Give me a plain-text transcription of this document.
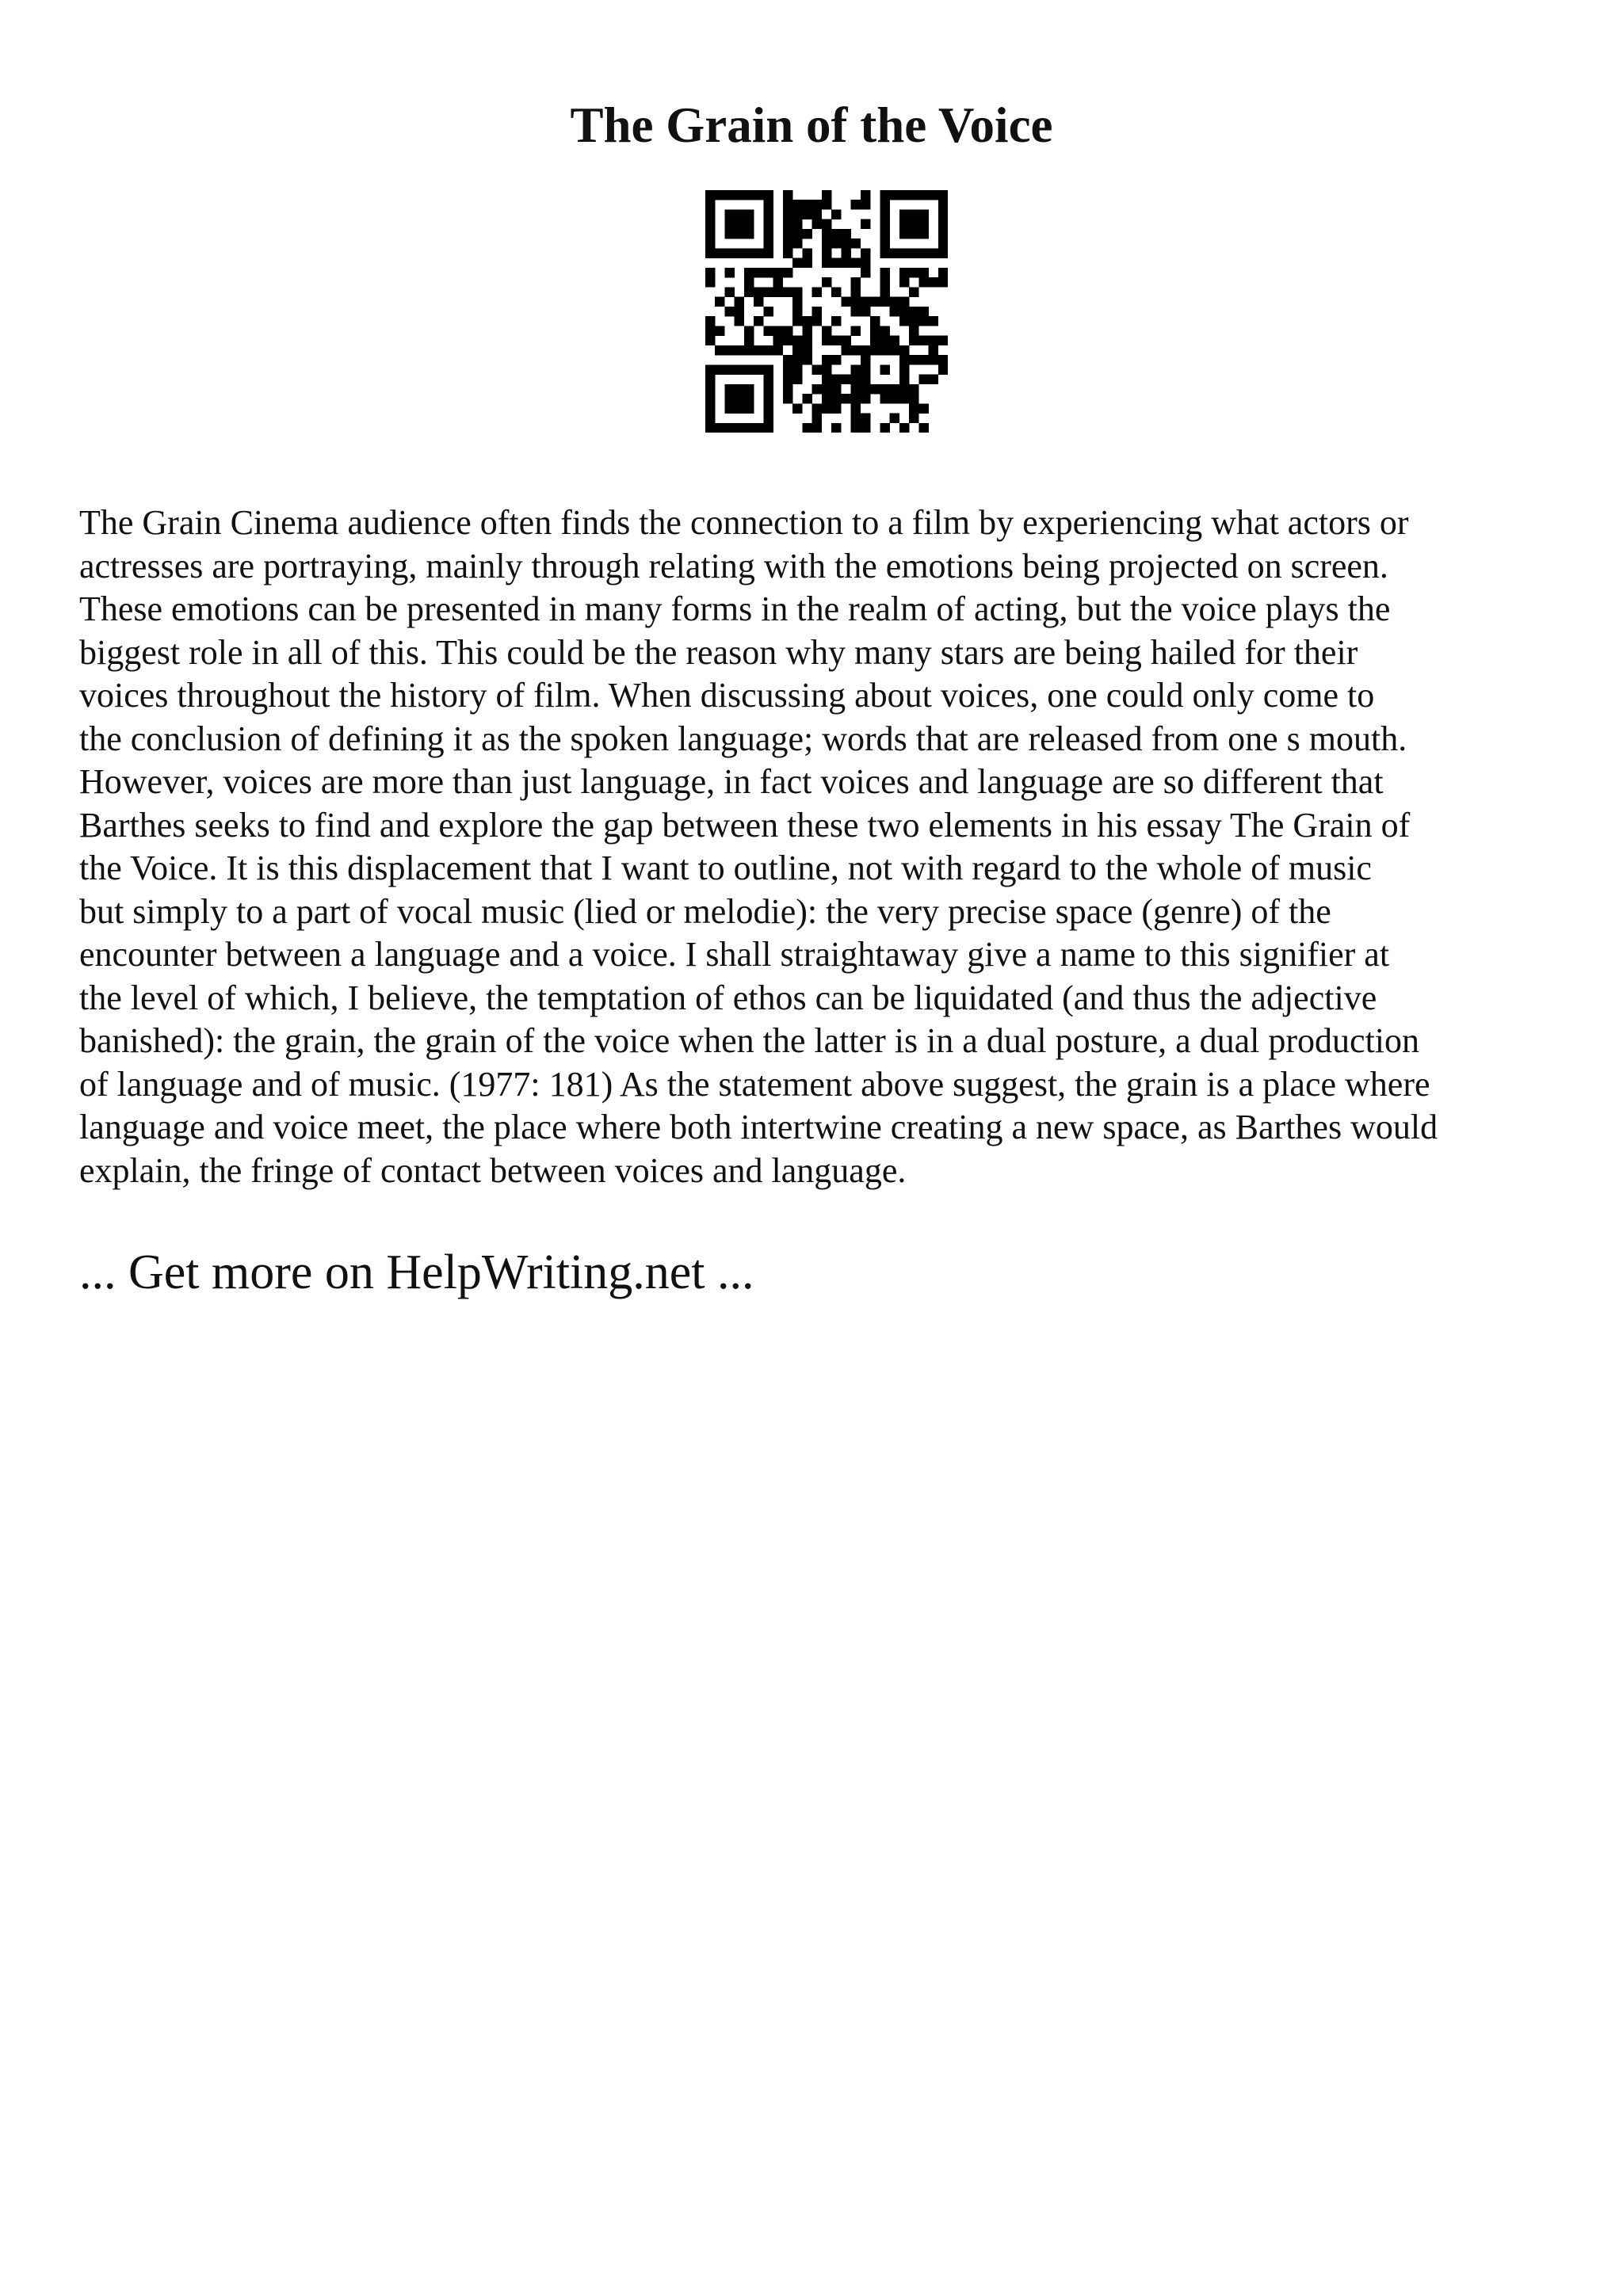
The Grain of the Voice

The Grain Cinema audience often finds the connection to a film by experiencing what actors or
actresses are portraying, mainly through relating with the emotions being projected on screen.
These emotions can be presented in many forms in the realm of acting, but the voice plays the
biggest role in all of this. This could be the reason why many stars are being hailed for their
voices throughout the history of film. When discussing about voices, one could only come to
the conclusion of defining it as the spoken language; words that are released from one s mouth.
However, voices are more than just language, in fact voices and language are so different that
Barthes seeks to find and explore the gap between these two elements in his essay The Grain of
the Voice. It is this displacement that I want to outline, not with regard to the whole of music
but simply to a part of vocal music (lied or melodie): the very precise space (genre) of the
encounter between a language and a voice. I shall straightaway give a name to this signifier at
the level of which, I believe, the temptation of ethos can be liquidated (and thus the adjective
banished): the grain, the grain of the voice when the latter is in a dual posture, a dual production
of language and of music. (1977: 181) As the statement above suggest, the grain is a place where
language and voice meet, the place where both intertwine creating a new space, as Barthes would
explain, the fringe of contact between voices and language.

... Get more on HelpWriting.net ...
